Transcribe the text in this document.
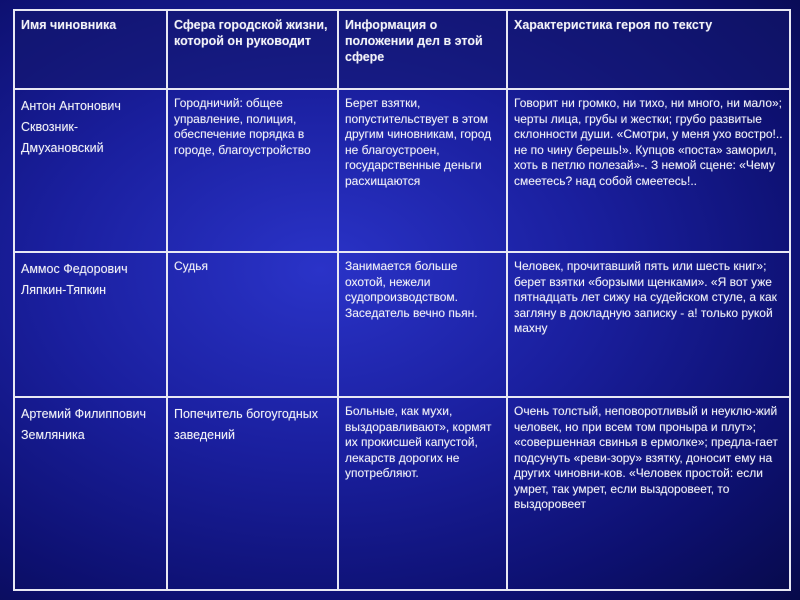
Имя чиновника	Сфера городской жизни, которой он руководит	Информация о положении дел в этой сфере	Характеристика героя по тексту
Антон Антонович Сквозник-Дмухановский	Городничий: общее управление, полиция, обеспечение порядка в городе, благоустройство	Берет взятки, попустительствует в этом другим чиновникам, город не благоустроен, государственные деньги расхищаются	Говорит ни громко, ни тихо, ни много, ни мало»; черты лица, грубы и жестки; грубо развитые склонности души. «Смотри, у меня ухо востро!.. не по чину берешь!». Купцов «поста» заморил, хоть в петлю полезай»-. З немой сцене: «Чему смеетесь? над собой смеетесь!..
Аммос Федорович Ляпкин-Тяпкин	Судья	Занимается больше охотой, нежели судопроизводством. Заседатель вечно пьян.	Человек, прочитавший пять или шесть книг»; берет взятки «борзыми щенками». «Я вот уже пятнадцать лет сижу на судейском стуле, а как загляну в докладную записку - а! только рукой махну
Артемий Филиппович Земляника	Попечитель богоугодных заведений	Больные, как мухи, выздоравливают», кормят их прокисшей капустой, лекарств дорогих не употребляют.	Очень толстый, неповоротливый и неуклю-жий человек, но при всем том проныра и плут»; «совершенная свинья в ермолке»; предла-гает подсунуть «реви-зору» взятку, доносит ему на других чиновни-ков. «Человек простой: если умрет, так умрет, если выздоровеет, то выздоровеет
